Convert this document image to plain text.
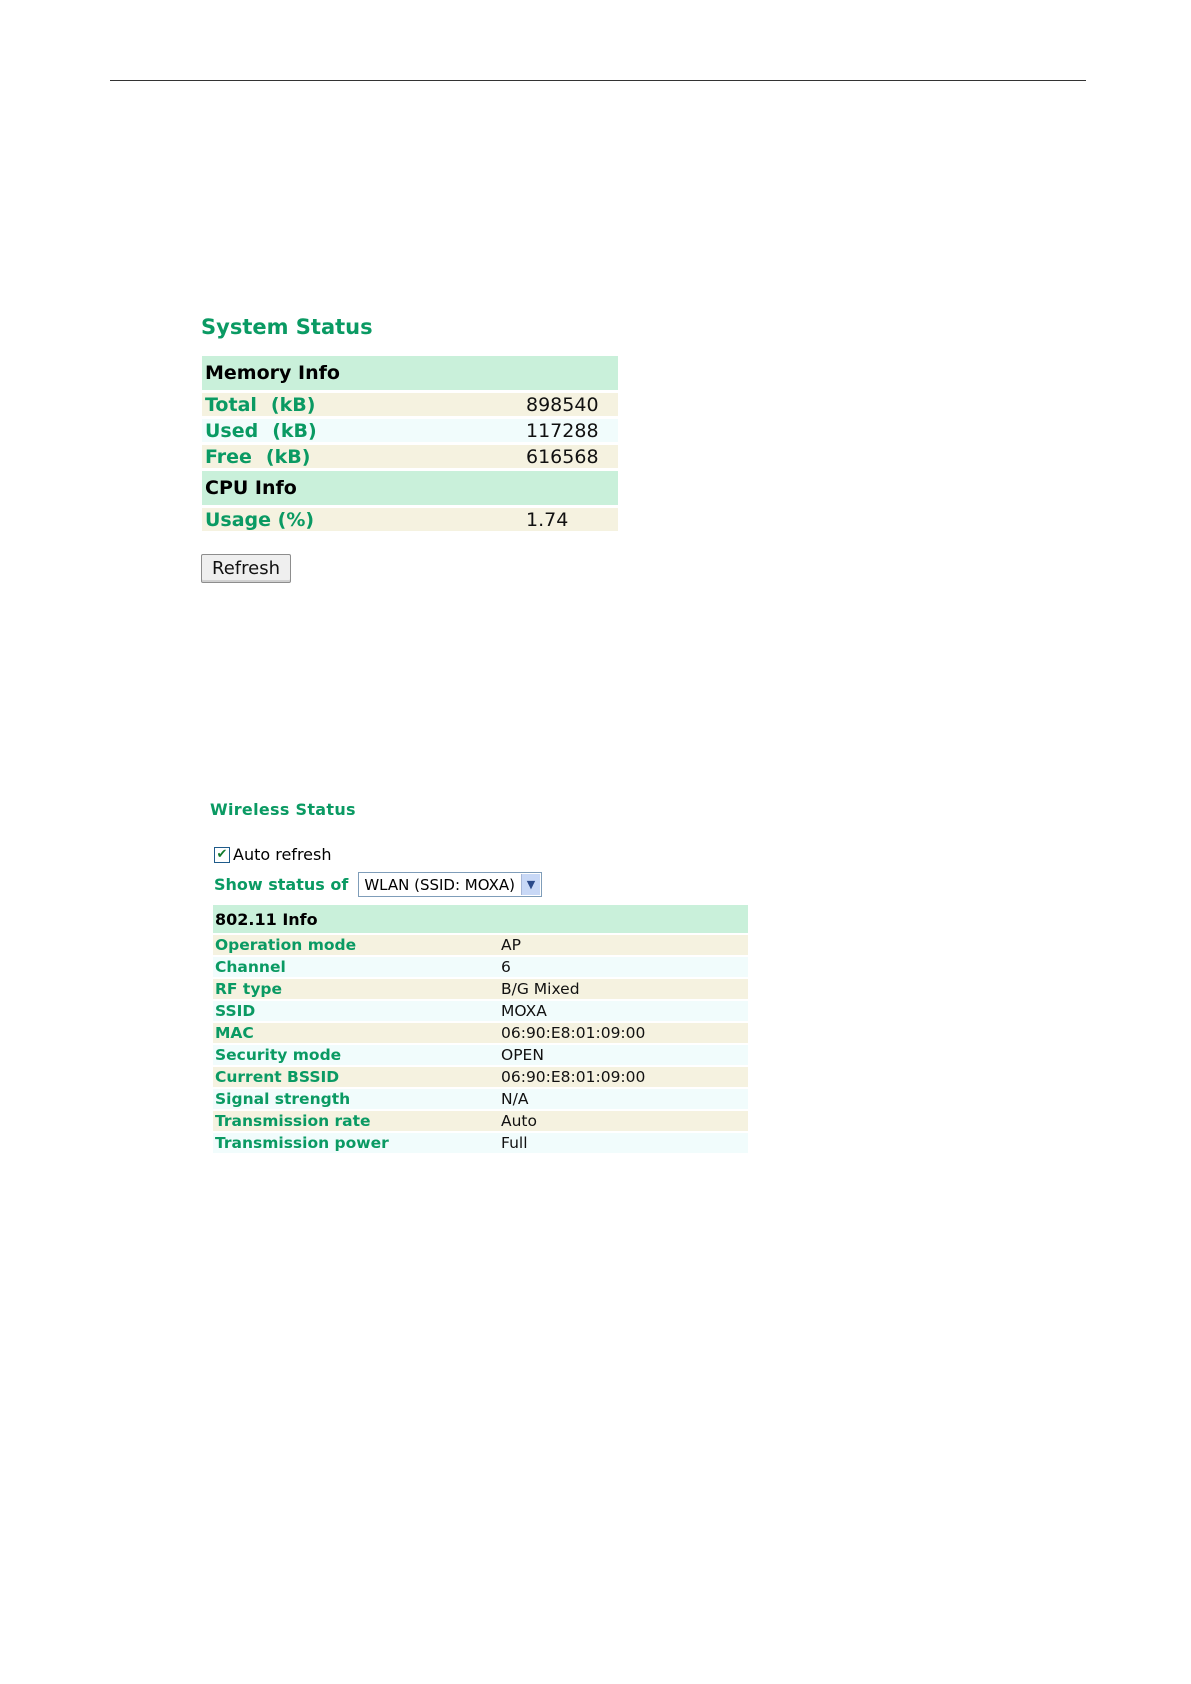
System Status
Memory Info	
Total (kB)	898540
Used (kB)	117288
Free (kB)	616568
CPU Info	
Usage (%)	1.74
Refresh
Wireless Status
✔ Auto refresh
Show status of	WLAN (SSID: MOXA)	▼
802.11 Info	
Operation mode	AP
Channel	6
RF type	B/G Mixed
SSID	MOXA
MAC	06:90:E8:01:09:00
Security mode	OPEN
Current BSSID	06:90:E8:01:09:00
Signal strength	N/A
Transmission rate	Auto
Transmission power	Full
